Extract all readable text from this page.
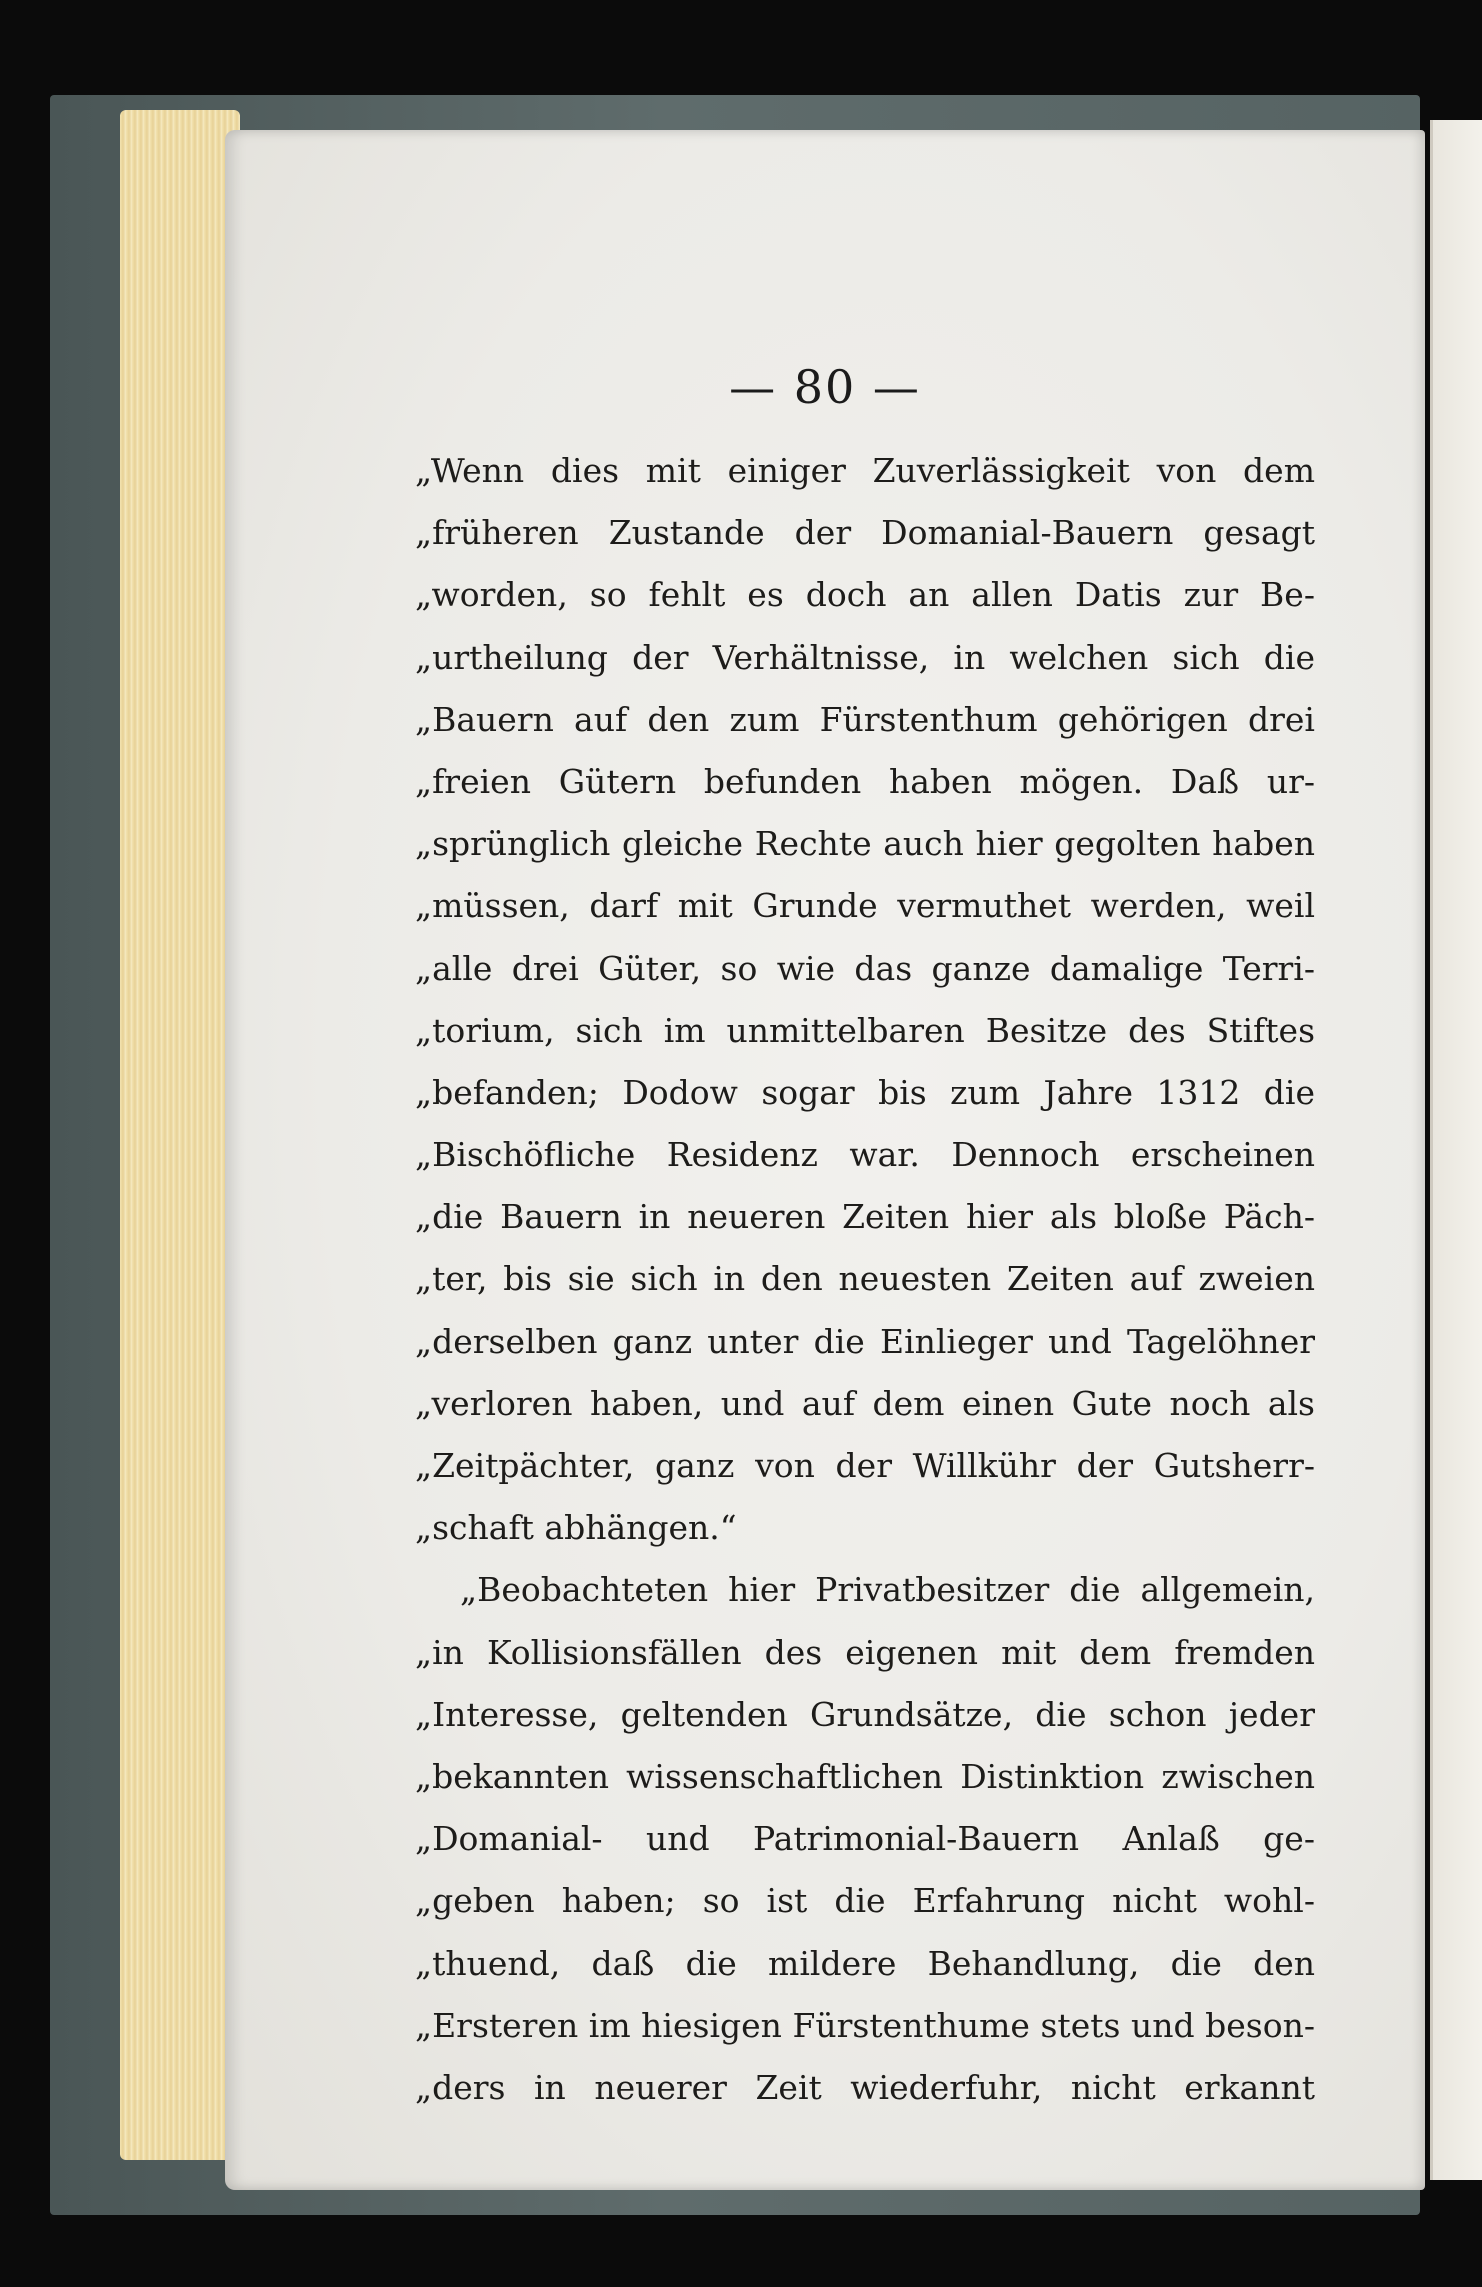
— 80 —
„Wenn dies mit einiger Zuverlässigkeit von dem
„früheren Zustande der Domanial-Bauern gesagt
„worden, so fehlt es doch an allen Datis zur Be-
„urtheilung der Verhältnisse, in welchen sich die
„Bauern auf den zum Fürstenthum gehörigen drei
„freien Gütern befunden haben mögen. Daß ur-
„sprünglich gleiche Rechte auch hier gegolten haben
„müssen, darf mit Grunde vermuthet werden, weil
„alle drei Güter, so wie das ganze damalige Terri-
„torium, sich im unmittelbaren Besitze des Stiftes
„befanden; Dodow sogar bis zum Jahre 1312 die
„Bischöfliche Residenz war. Dennoch erscheinen
„die Bauern in neueren Zeiten hier als bloße Päch-
„ter, bis sie sich in den neuesten Zeiten auf zweien
„derselben ganz unter die Einlieger und Tagelöhner
„verloren haben, und auf dem einen Gute noch als
„Zeitpächter, ganz von der Willkühr der Gutsherr-
„schaft abhängen.“
„Beobachteten hier Privatbesitzer die allgemein,
„in Kollisionsfällen des eigenen mit dem fremden
„Interesse, geltenden Grundsätze, die schon jeder
„bekannten wissenschaftlichen Distinktion zwischen
„Domanial- und Patrimonial-Bauern Anlaß ge-
„geben haben; so ist die Erfahrung nicht wohl-
„thuend, daß die mildere Behandlung, die den
„Ersteren im hiesigen Fürstenthume stets und beson-
„ders in neuerer Zeit wiederfuhr, nicht erkannt
